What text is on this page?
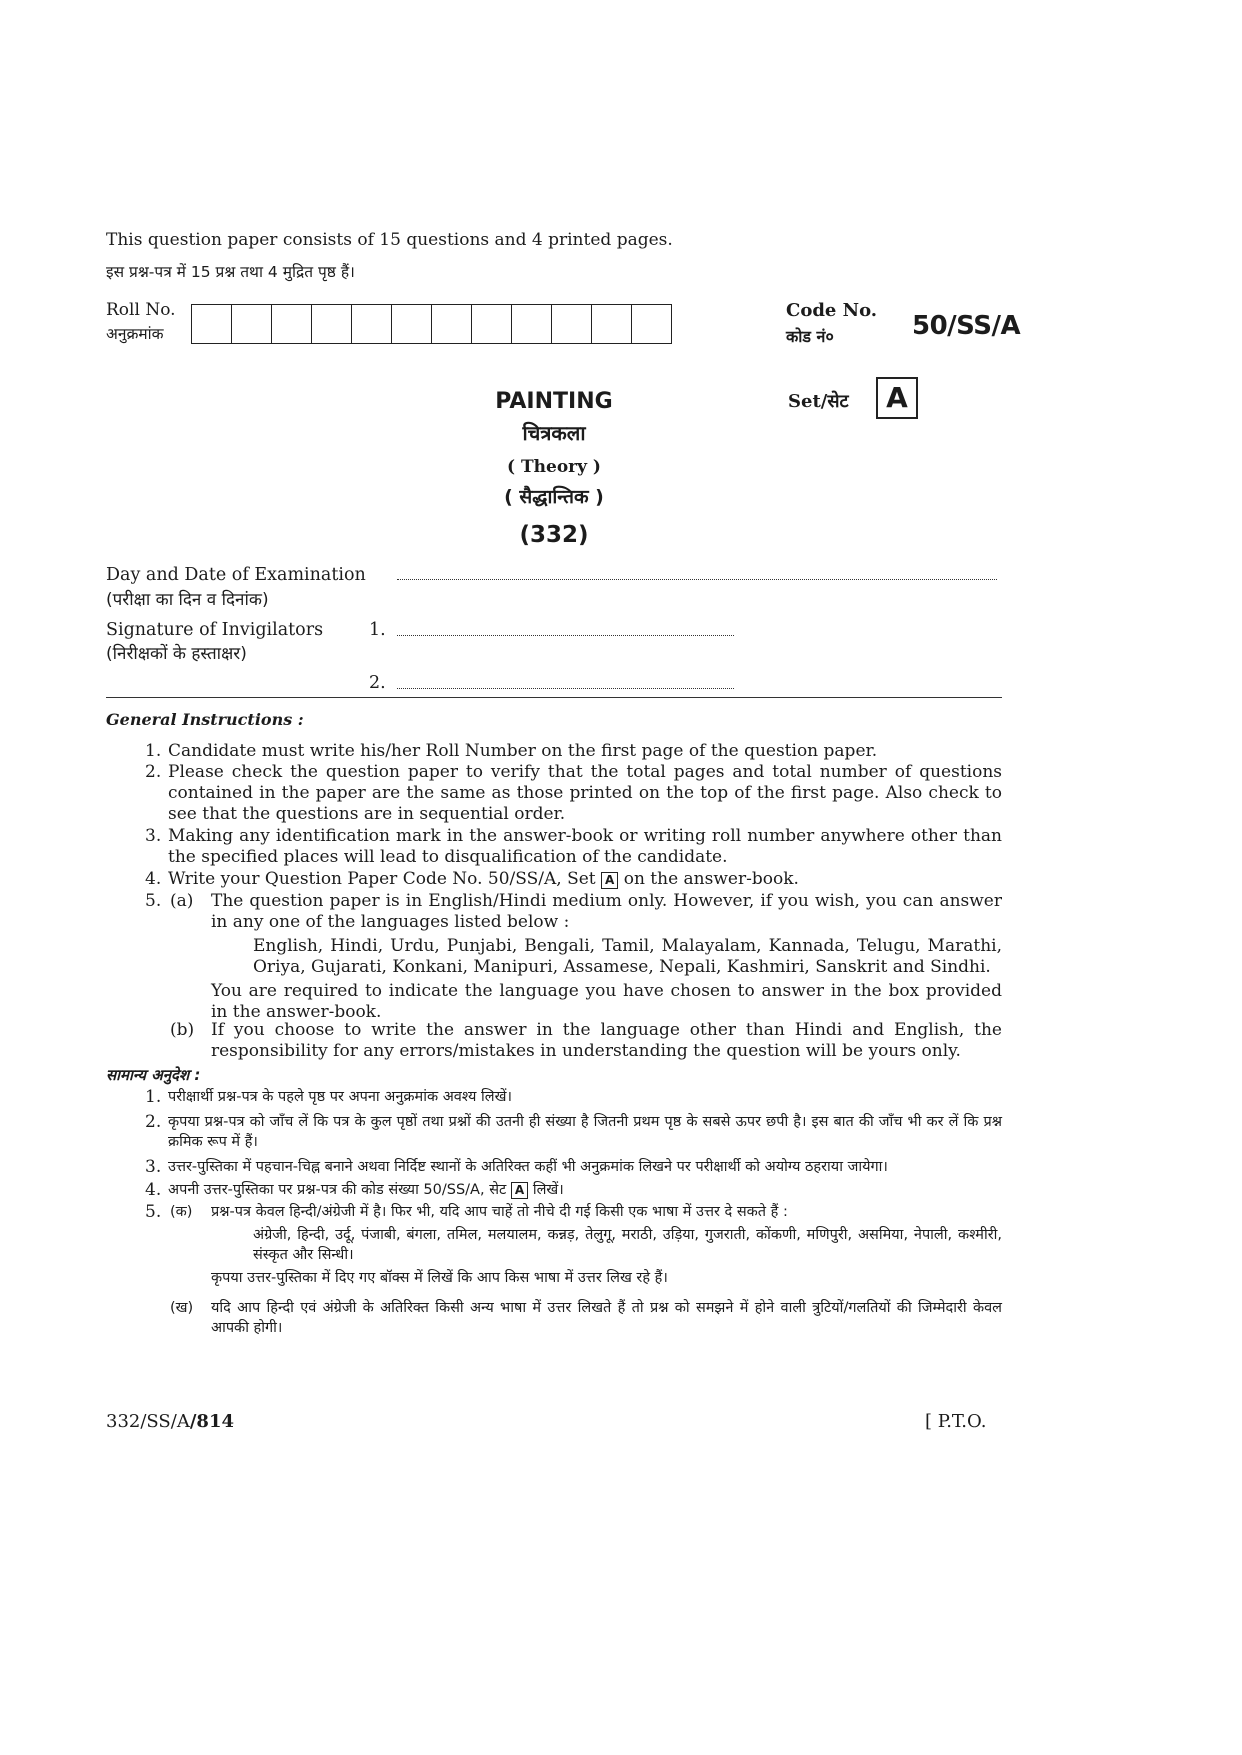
This question paper consists of 15 questions and 4 printed pages.
इस प्रश्न-पत्र में 15 प्रश्न तथा 4 मुद्रित पृष्ठ हैं।
Roll No.
अनुक्रमांक
Code No.
कोड नं०	50/SS/A
Set/सेट	A
PAINTING
चित्रकला
( Theory )
( सैद्धान्तिक )
(332)
Day and Date of Examination
(परीक्षा का दिन व दिनांक)
Signature of Invigilators	1.
(निरीक्षकों के हस्ताक्षर)
2.
General Instructions :
1. Candidate must write his/her Roll Number on the first page of the question paper.
2. Please check the question paper to verify that the total pages and total number of questions contained in the paper are the same as those printed on the top of the first page. Also check to see that the questions are in sequential order.
3. Making any identification mark in the answer-book or writing roll number anywhere other than the specified places will lead to disqualification of the candidate.
4. Write your Question Paper Code No. 50/SS/A, Set A on the answer-book.
5. (a) The question paper is in English/Hindi medium only. However, if you wish, you can answer in any one of the languages listed below :
English, Hindi, Urdu, Punjabi, Bengali, Tamil, Malayalam, Kannada, Telugu, Marathi, Oriya, Gujarati, Konkani, Manipuri, Assamese, Nepali, Kashmiri, Sanskrit and Sindhi.
You are required to indicate the language you have chosen to answer in the box provided in the answer-book.
(b) If you choose to write the answer in the language other than Hindi and English, the responsibility for any errors/mistakes in understanding the question will be yours only.
सामान्य अनुदेश :
1. परीक्षार्थी प्रश्न-पत्र के पहले पृष्ठ पर अपना अनुक्रमांक अवश्य लिखें।
2. कृपया प्रश्न-पत्र को जाँच लें कि पत्र के कुल पृष्ठों तथा प्रश्नों की उतनी ही संख्या है जितनी प्रथम पृष्ठ के सबसे ऊपर छपी है। इस बात की जाँच भी कर लें कि प्रश्न क्रमिक रूप में हैं।
3. उत्तर-पुस्तिका में पहचान-चिह्न बनाने अथवा निर्दिष्ट स्थानों के अतिरिक्त कहीं भी अनुक्रमांक लिखने पर परीक्षार्थी को अयोग्य ठहराया जायेगा।
4. अपनी उत्तर-पुस्तिका पर प्रश्न-पत्र की कोड संख्या 50/SS/A, सेट A लिखें।
5. (क) प्रश्न-पत्र केवल हिन्दी/अंग्रेजी में है। फिर भी, यदि आप चाहें तो नीचे दी गई किसी एक भाषा में उत्तर दे सकते हैं :
अंग्रेजी, हिन्दी, उर्दू, पंजाबी, बंगला, तमिल, मलयालम, कन्नड़, तेलुगू, मराठी, उड़िया, गुजराती, कोंकणी, मणिपुरी, असमिया, नेपाली, कश्मीरी, संस्कृत और सिन्धी।
कृपया उत्तर-पुस्तिका में दिए गए बॉक्स में लिखें कि आप किस भाषा में उत्तर लिख रहे हैं।
(ख) यदि आप हिन्दी एवं अंग्रेजी के अतिरिक्त किसी अन्य भाषा में उत्तर लिखते हैं तो प्रश्न को समझने में होने वाली त्रुटियों/गलतियों की जिम्मेदारी केवल आपकी होगी।
332/SS/A/814	[ P.T.O.
